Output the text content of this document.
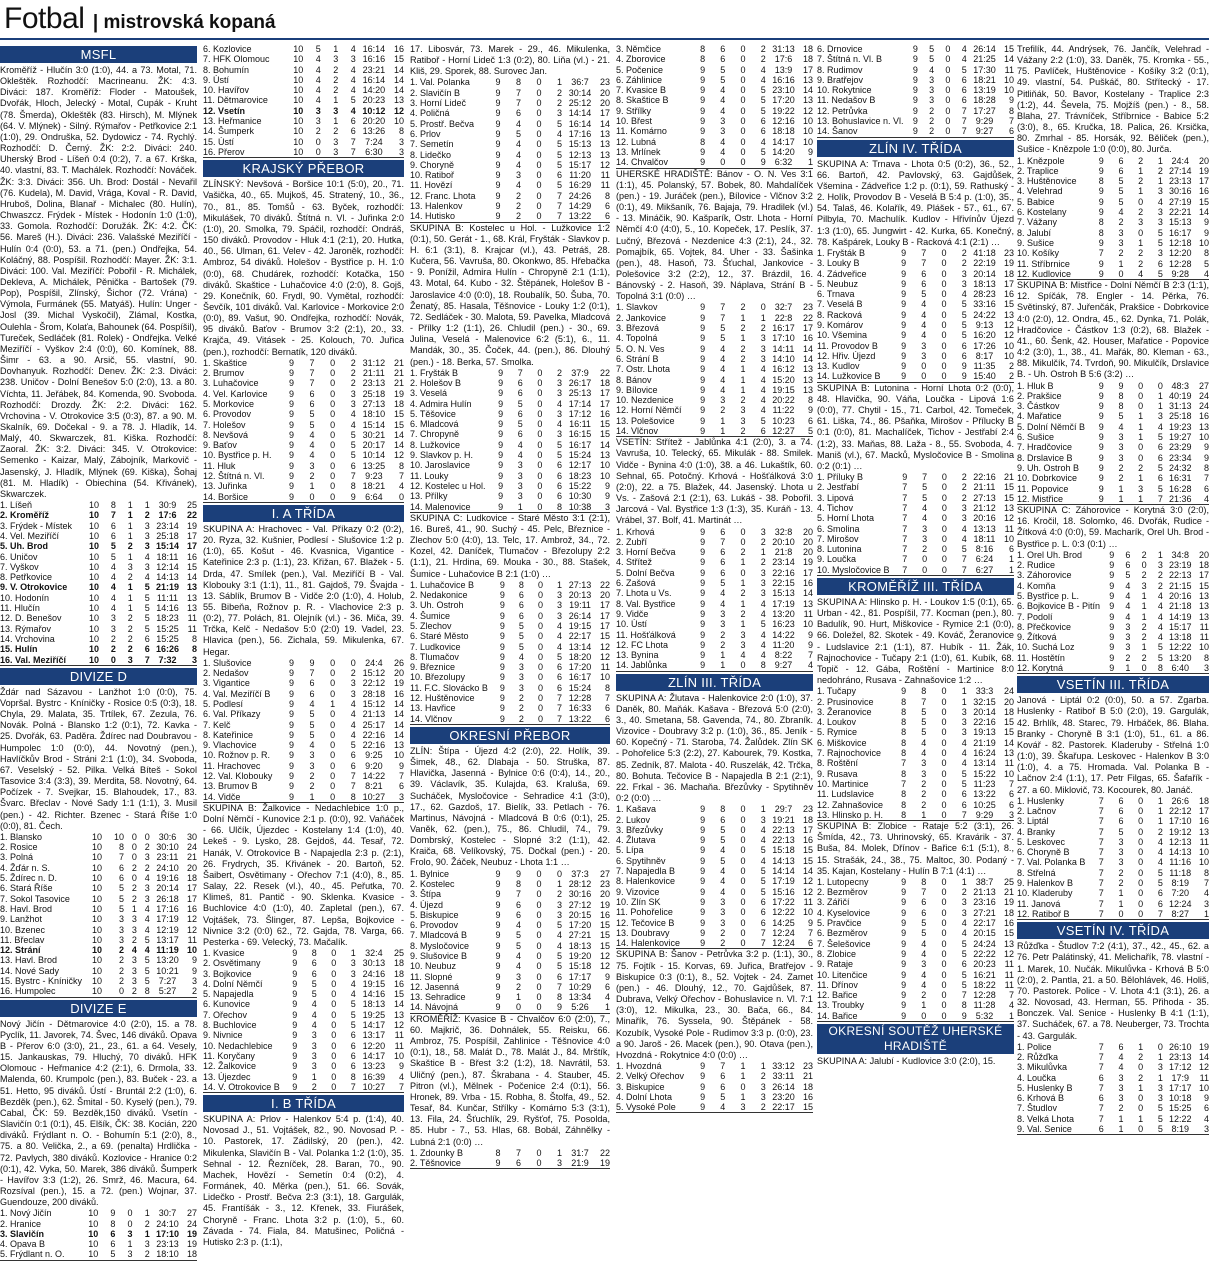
Fotbal | mistrovská kopaná
MSFL
Kroměříž - Hlučín 3:0 (1:0), 44. a 73. Motal, 71. Okleštěk. Rozhodčí: Macrineanu. ŽK: 4:3. Diváci: 187. Kroměříž: Floder - Matoušek, Dvořák, Hloch, Jelecký - Motal, Cupák - Kruht (78. Šmerda), Okleštěk (83. Hirsch), M. Mlýnek (64. V. Mlýnek) - Silný. Rýmařov - Petřkovice 2:1 (1:0), 29. Ondruška, 52. Dydowicz - 74. Rychlý. Rozhodčí: D. Černý. ŽK: 2:2. Diváci: 240. Uherský Brod - Líšeň 0:4 (0:2), 7. a 67. Krška, 40. vlastní, 83. T. Machálek. Rozhodčí: Nováček. ŽK: 3:3. Diváci: 356. Uh. Brod: Dostál - Nevařil (76. Kudela), M. David, Vrága, Koval - R. David, Hruboš, Dolina, Blanař - Michalec (80. Hulín), Chwaszcz. Frýdek - Místek - Hodonín 1:0 (1:0), 33. Gomola. Rozhodčí: Doružák. ŽK: 4:2. ČK: 56. Mareš (H.). Diváci: 236. Valašské Meziříčí - Hulín 0:4 (0:0), 53. a 71. (pen.) Ondřejka, 54. Koláčný, 88. Pospíšil. Rozhodčí: Mayer. ŽK: 3:1. Diváci: 100. Val. Meziříčí: Pobořil - R. Michálek, Dekleva, A. Michálek, Pěnička - Bartošek (79. Pop), Pospíšil, Zlínský, Šichor (72. Vrána) - Výmola, Furmánek (55. Matyáš). Hulín: Unger - Josl (39. Michal Vyskočil), Zlámal, Kostka, Oulehla - Šrom, Kolaťa, Bahounek (64. Pospíšil), Tureček, Sedláček (81. Rolek) - Ondřejka. Velké Meziříčí - Vyškov 2:4 (0:0), 60. Komínek, 88. Šimr - 63. a 90. Arsič, 55. vlastní, 90. Dovhanyuk. Rozhodčí: Denev. ŽK: 2:3. Diváci: 238. Uničov - Dolní Benešov 5:0 (2:0), 13. a 80. Víchta, 11. Jeřábek, 84. Komenda, 90. Svoboda. Rozhodčí: Drozdy. ŽK: 2:2. Diváci: 162. Vrchovina - V. Otrokovice 3:5 (0:3), 87. a 90. M. Skalník, 69. Dočekal - 9. a 78. J. Hladík, 14. Malý, 40. Skwarczek, 81. Kiška. Rozhodčí: Zaoral. ŽK: 3:2. Diváci: 345. V. Otrokovice: Semenko - Kaizar, Malý, Zábojník, Markovič - Jasenský, J. Hladík, Mlýnek (69. Kiška), Šohaj (81. M. Hladík) - Obiechina (54. Křivánek), Skwarczek.
1. Líšeň	10	8	1	1	30:9	25
2. Kroměříž	10	7	1	2	17:6	22
3. Frýdek - Místek	10	6	1	3	23:14	19
4. Vel. Meziříčí	10	6	1	3	25:18	17
5. Uh. Brod	10	5	2	3	15:14	17
6. Uničov	10	5	1	4	18:11	16
7. Vyškov	10	4	3	3	12:14	15
8. Petřkovice	10	4	2	4	14:13	14
9. V. Otrokovice	10	4	1	5	21:19	13
10. Hodonín	10	4	1	5	11:11	13
11. Hlučín	10	4	1	5	14:16	13
12. D. Benešov	10	3	2	5	18:23	11
13. Rýmařov	10	3	2	5	15:25	11
14. Vrchovina	10	2	2	6	15:25	8
15. Hulín	10	2	2	6	16:26	8
16. Val. Meziříčí	10	0	3	7	7:32	3
DIVIZE D
Ždár nad Sázavou - Lanžhot 1:0 (0:0), 75. Vopršal. Bystrc - Kníničky - Rosice 0:5 (0:3), 18. Chyla, 29. Malata, 35. Trtílek, 67. Zezula, 76. Novák. Polná - Blansko 1:2 (0:1), 72. Kavka - 25. Dvořák, 63. Paděra. Ždírec nad Doubravou - Humpolec 1:0 (0:0), 44. Novotný (pen.), Havlíčkův Brod - Stráni 2:1 (1:0), 34. Svoboda, 67. Veselský - 52. Pilka. Velká Bíteš - Sokol Tasovice 3:4 (3:3), 39. Merdita, 58. Novotný, 64. Počízek - 7. Svejkar, 15. Blahoudek, 17., 83. Švarc. Břeclav - Nové Sady 1:1 (1:1), 3. Musil (pen.) - 42. Richter. Bzenec - Stará Říše 1:0 (0:0), 81. Čech.
1. Blansko	10	10	0	0	30:6	30
2. Rosice	10	8	0	2	30:10	24
3. Polná	10	7	0	3	23:11	21
4. Žďár n. S.	10	6	2	2	24:10	20
5. Ždírec n. D.	10	6	0	4	19:16	18
6. Stará Říše	10	5	2	3	20:14	17
7. Sokol Tasovice	10	5	2	3	26:18	17
8. Havl. Brod	10	5	1	4	17:16	16
9. Lanžhot	10	3	3	4	17:19	12
10. Bzenec	10	3	3	4	12:19	12
11. Břeclav	10	3	2	5	13:17	11
12. Strání	10	2	4	4	11:19	10
13. Havl. Brod	10	2	3	5	13:20	9
14. Nové Sady	10	2	3	5	10:21	9
15. Bystrc - Kníničky	10	2	3	5	7:27	3
16. Humpolec	10	0	2	8	5:27	2
DIVIZE E
Nový Jičín - Dětmarovice 4:0 (2:0), 15. a 78. Pyclík, 11. Javorek, 74. Švec, 146 diváků. Opava B - Přerov 6:0 (3:0), 21., 23., 61. a 64. Vesely, 15. Jankauskas, 79. Hluchý, 70 diváků. HFK Olomouc - Heřmanice 4:2 (2:1), 6. Drmola, 33. Malenda, 60. Krumpolc (pen.), 83. Buček - 23. a 51. Hetto, 95 diváků. Ústí - Bruntál 2:2 (1:0), 6. Bezděk (pen.), 62. Šmital - 50. Kyselý (pen.), 79. Cabal, ČK: 59. Bezděk,150 diváků. Vsetín - Slavičín 0:1 (0:1), 45. Elšík, ČK: 38. Kocián, 220 diváků. Frýdlant n. O. - Bohumín 5:1 (2:0), 8., 75. a 80. Velička, 2., a 69. (penalta) Hrdlička - 72. Pavlych, 380 diváků. Kozlovice - Hranice 0:2 (0:1), 42. Vyka, 50. Marek, 386 diváků. Šumperk - Havířov 3:3 (1:2), 26. Smrž, 46. Macura, 64. Rozsíval (pen.), 15. a 72. (pen.) Wojnar, 37. Guendouze, 200 diváků.
1. Nový Jičín	10	9	0	1	30:7	27
2. Hranice	10	8	0	2	24:10	24
3. Slavičín	10	6	3	1	17:10	19
4. Opava B	10	6	1	3	23:13	19
5. Frýdlant n. O.	10	5	3	2	18:10	18
6. Kozlovice	10	5	1	4	16:14	16
7. HFK Olomouc	10	4	3	3	16:16	15
8. Bohumín	10	4	2	4	23:21	14
9. Ústí	10	4	2	4	16:14	14
10. Havířov	10	4	2	4	14:20	14
11. Dětmarovice	10	4	1	5	20:23	13
12. Vsetín	10	3	3	4	10:12	12
13. Heřmanice	10	3	1	6	20:20	10
14. Šumperk	10	2	2	6	13:26	8
15. Ústí	10	0	3	7	7:24	3
16. Přerov	10	0	3	7	6:30	3
KRAJSKÝ PŘEBOR
ZLÍNSKÝ: Nevšová - Boršice 10:1 (5:0), 20., 71. Vašička, 40., 65. Mujkoš, 45. Stratený, 10., 36., 70., 81., 85. Tomšů - 63. Byček, rozhodčí: Mikulášek, 70 diváků. Štítná n. Vl. - Juřinka 2:0 (1:0), 20. Smolka, 79. Spáčil, rozhodčí: Ondráš, 150 diváků. Provodov - Hluk 4:1 (2:1), 20. Hutka, 40., 56. Ulman, 61. Velev - 42. Jaroněk, rozhodčí: Ambroz, 54 diváků. Holešov - Bystřice p. H. 1:0 (0:0), 68. Chudárek, rozhodčí: Kotačka, 150 diváků. Skaštice - Luhačovice 4:0 (2:0), 8. Gojš, 29. Konečník, 60. Frydl, 90. Vymětal, rozhodčí: Ševčík, 101 diváků. Val. Karlovice - Morkovice 2:0 (0:0), 89. Vašut, 90. Ondřejka, rozhodčí: Novák, 95 diváků. Baťov - Brumov 3:2 (2:1), 20., 33. Krajča, 49. Vitásek - 25. Kolouch, 70. Juřica (pen.), rozhodčí: Bernatík, 120 diváků.
1. Skaštice	9	7	0	2	31:12	21
2. Brumov	9	7	0	2	21:11	21
3. Luhačovice	9	7	0	2	23:13	21
4. Vel. Karlovice	9	6	0	3	25:18	19
5. Morkovice	9	6	0	3	27:13	18
6. Provodov	9	5	0	4	18:10	15
7. Holešov	9	5	0	4	15:14	15
8. Nevšová	9	4	0	5	30:21	14
9. Baťov	9	4	0	5	20:17	14
10. Bystřice p. H.	9	4	0	5	10:14	12
11. Hluk	9	3	0	6	13:25	8
12. Štítná n. Vl.	9	2	0	7	9:23	7
13. Juřinka	9	1	0	8	18:21	4
14. Boršice	9	0	0	9	6:64	0
I. A TŘÍDA
SKUPINA A: Hrachovec - Val. Příkazy 0:2 (0:2), 20. Ryza, 32. Kušnier, Podlesí - Slušovice 1:2 p. (1:0), 65. Košut - 46. Kvasnica, Vigantice - Kateřinice 2:3 p. (1:1), 23. Křižan, 67. Blažek - 5. Drda, 47. Smílek (pen.), Val. Meziříčí B - Val. Klobouky 3:1 (1:1), 11., 81. Gajdoš, 79. Švajda - 13. Sáblík, Brumov B - Vidče 2:0 (1:0), 4. Holub, 55. Bibeňa, Rožnov p. R. - Vlachovice 2:3 p. (0:2), 77. Polách, 81. Olejník (vl.) - 36. Miča, 39. Trčka, Kelč - Nedašov 5:0 (2:0) 19. Vadel, 23. Hlavica (pen.), 56. Zichala, 59. Mikulenka, 67. Hegar.
1. Slušovice	9	9	0	0	24:4	26
2. Nedašov	9	7	0	2	15:12	20
3. Vigantice	9	6	0	3	22:12	19
4. Val. Meziříčí B	9	6	0	3	28:18	16
5. Podlesí	9	4	1	4	15:12	14
6. Val. Příkazy	9	5	0	4	21:13	14
7. Kelč	9	5	0	4	25:17	14
8. Kateřinice	9	5	0	4	22:16	14
9. Vlachovice	9	4	0	5	22:16	13
10. Rožnov p. R.	9	3	0	6	9:25	10
11. Hrachovec	9	3	0	6	9:20	9
12. Val. Klobouky	9	2	0	7	14:22	7
13. Brumov B	9	2	0	7	8:21	6
14. Vidče	9	1	0	8	10:27	3
SKUPINA B: Žalkovice - Nedachlebice 1:0 p., Dolní Němčí - Kunovice 2:1 p. (0:0), 92. Vaňáček - 66. Ulčík, Újezdec - Kostelany 1:4 (1:0), 40. Lekeš - 9. Lysko, 28. Gejdoš, 44. Tesař, 72. Hanák, V. Otrokovice B - Napajedla 2:3 p. (2:1), 26. Frydrych, 35. Křivánek - 20. Bartoň, 52. Šaibert, Osvětimany - Ořechov 7:1 (4:0), 8., 85. Salay, 22. Resek (vl.), 40., 45. Peřutka, 70. Klimeš, 81. Pantič - 90. Sklenka. Kvasice - Buchlovice 4:0 (1:0), 40. Zapletal (pen.), 67. Vojtášek, 73. Šlinger, 87. Lepša, Bojkovice - Nivnice 3:2 (0:0) 62., 72. Gajda, 78. Varga, 66. Pesterka - 69. Velecký, 73. Mačalík.
1. Kvasice	9	8	0	1	32:4	25
2. Osvětimany	9	6	0	3	30:13	18
3. Bojkovice	9	6	0	3	24:16	18
4. Dolní Němčí	9	5	0	4	19:15	16
5. Napajedla	9	5	0	4	14:16	15
6. Kunovice	9	4	0	5	18:13	14
7. Ořechov	9	4	0	5	19:25	13
8. Buchlovice	9	4	0	5	14:17	12
9. Nivnice	9	3	0	6	13:17	11
10. Nedachlebice	9	3	0	6	12:20	11
11. Koryčany	9	3	0	6	14:17	10
12. Žalkovice	9	3	0	6	13:23	9
13. Újezdec	9	1	0	8	16:39	4
14. V. Otrokovice B	9	2	0	7	10:27	7
I. B TŘÍDA
SKUPINA A: Prlov - Halenkov 5:4 p. (1:4), 40. Novosad J., 51. Vojtášek, 82., 90. Novosad P. - 10. Pastorek, 17. Zádilský, 20 (pen.), 42. Mikulenka, Slavičín B - Val. Polanka 1:2 (1:0), 35. Sehnal - 12. Řezníček, 28. Baran, 70., 90. Machek, Hovězí - Semetín 0:4 (0:2), 4. Formánek, 40. Měrka (pen.), 51. 66. Sovák, Lidečko - Prostř. Bečva 2:3 (3:1), 18. Gargulák, 45. Frantíšák - 3., 12. Křenek, 33. Fiurášek, Choryně - Franc. Lhota 3:2 p. (1:0), 5., 60. Závada - 74. Fiala, 84. Matušinec, Poličná - Hutisko 2:3 p. (1:1),
17. Libosvár, 73. Marek - 29., 46. Mikulenka, Ratiboř - Horní Lideč 1:3 (0:2), 80. Liňa (vl.) - 21. Kliš, 29. Sporek, 88. Surovec Jan.
1. Val. Polanka	9	8	0	1	36:7	23
2. Slavičín B	9	7	0	2	30:14	20
3. Horní Lideč	9	7	0	2	25:12	20
4. Poličná	9	6	0	3	14:14	17
5. Prostř. Bečva	9	4	0	5	16:14	14
6. Prlov	9	5	0	4	17:16	13
7. Semetín	9	4	0	5	15:13	13
8. Lidečko	9	4	0	5	12:13	13
9. Choryně	9	4	0	5	15:17	12
10. Ratiboř	9	3	0	6	11:20	11
11. Hovězí	9	4	0	5	16:29	11
12. Franc. Lhota	9	2	0	7	24:26	8
13. Halenkov	9	2	0	7	14:29	6
14. Hutisko	9	2	0	7	13:22	6
SKUPINA B: Kostelec u Hol. - Lužkovice 1:2 (0:1), 50. Gerát - 1., 68. Král, Fryšták - Slavkov p. H. 6:1 (3:1), 8. Krajcar (vl.), 43. Petráš, 28. Kučera, 56. Vavruša, 80. Okonkwo, 85. Hřebačka - 9. Ponížil, Admira Hulín - Chropyně 2:1 (1:1), 43. Motal, 64. Kubo - 32. Štěpánek, Holešov B - Jaroslavice 4:0 (0:0), 18. Roubalík, 50. Šuba, 70. Ženatý, 85. Hasala, Těšnovice - Louky 1:2 (0:1), 72. Sedláček - 30. Malota, 59. Pavelka, Mladcová - Přílky 1:2 (1:1), 26. Chludil (pen.) - 30., 69. Julina, Veselá - Malenovice 6:2 (5:1), 6., 11. Mandák, 30., 35. Čoček, 44. (pen.), 86. Dlouhý (pen.) - 18. Berka, 57. Smolka.
1. Fryšták B	9	7	0	2	37:9	22
2. Holešov B	9	6	0	3	26:17	18
3. Veselá	9	6	0	3	25:13	17
4. Admira Hulín	9	5	0	4	17:14	17
5. Těšovice	9	6	0	3	17:12	16
6. Mladcová	9	5	0	4	16:11	15
7. Chropyně	9	6	0	3	16:15	15
8. Lužkovice	9	4	0	5	16:17	14
9. Slavkov p. H.	9	4	0	5	15:24	13
10. Jaroslavice	9	3	0	6	12:17	10
11. Louky	9	3	0	6	18:23	10
12. Kostelec u Hol.	9	3	0	6	15:22	9
13. Přílky	9	3	0	6	10:30	9
14. Malenovice	9	1	0	8	10:38	3
SKUPINA C: Ludkovice - Staré Město 3:1 (2:1), 16. Bureš, 41., 90. Suchý - 45. Pelc, Březnice - Zlechov 5:0 (4:0), 13. Telc, 17. Ambrož, 34., 72. Kozel, 42. Daníček, Tlumačov - Březolupy 2:2 (1:1), 21. Hrdina, 69. Mouka - 30., 88. Stašek, Šumice - Luhačovice B 2:1 (1:0) …
1. Luhačovice B	9	8	0	1	27:13	22
2. Nedakonice	9	6	0	3	20:13	20
3. Uh. Ostroh	9	6	0	3	19:11	17
4. Šumice	9	6	0	3	26:14	17
5. Zlechov	9	5	0	4	19:15	17
6. Staré Město	9	5	0	4	22:17	15
7. Ludkovice	9	5	0	4	13:14	12
8. Tlumačov	9	4	0	5	18:20	12
9. Březnice	9	3	0	6	17:20	11
10. Březolupy	9	3	0	6	16:17	10
11. F.C. Slovácko B	9	3	0	6	15:24	8
12. Huštěnovice	9	2	0	7	12:28	7
13. Havřice	9	2	0	7	16:33	6
14. Vlčnov	9	2	0	7	13:22	6
OKRESNÍ PŘEBOR
ZLÍN: Štípa - Újezd 4:2 (2:0), 22. Holík, 39. Šimek, 48., 62. Dlabaja - 50. Struška, 87. Hlavička, Jasenná - Bylnice 0:6 (0:4), 14., 20., 39. Václavík, 35. Kulajda, 63. Kraluša, 69. Sucháček, Mysločovice - Sehradice 4:1 (3:0), 17., 62. Gazdoš, 17. Bielík, 33. Petlach - 76. Martinus, Návojná - Mladcová B 0:6 (0:1), 25. Vaněk, 62. (pen.), 75., 86. Chludil, 74., 79. Dombrský, Kostelec - Slopné 3:2 (1:1), 42. Kraiča, 68. Velíkovský, 75. Dočkal (pen.) - 20. Frolo, 90. Žáček, Neubuz - Lhota 1:1 …
1. Bylnice	9	9	0	0	37:3	27
2. Kostelec	9	8	0	1	28:12	23
3. Štípa	9	7	0	2	30:16	20
4. Újezd	9	6	0	3	27:12	19
5. Biskupice	9	6	0	3	20:15	16
6. Provodov	9	4	0	5	17:20	15
7. Mladcová B	9	5	0	4	27:21	15
8. Mysločovice	9	5	0	4	18:13	15
9. Slušovice B	9	4	0	5	19:20	12
10. Neubuz	9	4	0	5	15:18	12
11. Slopné	9	3	0	6	17:17	9
12. Jasenná	9	2	0	7	10:29	6
13. Sehradice	9	1	0	8	13:34	4
14. Návojná	9	0	0	9	5:26	1
KROMĚŘÍŽ: Kvasice B - Chvalčov 6:0 (2:0), 7., 60. Majkrič, 36. Dohnálek, 55. Reisku, 66. Ambroz, 75. Pospíšil, Zahlinice - Těšnovice 4:0 (0:1), 18., 58. Malát D., 78. Malát J., 84. Mrštík, Skaštice B - Břest 3:2 (1:2), 18. Navrátil, 53. Uličný (pen.), 87. Škrabana - 4. Stauber, 45. Pitron (vl.), Mělnek - Počenice 2:4 (0:1), 56. Hronek, 89. Vrba - 15. Robha, 8. Štolfa, 49., 52. Tesař, 84. Kunčar, Střílky - Komárno 5:3 (3:1), 13. Fila, 24. Šťuchlík, 29. Ryšťof, 75. Posolda, 85. Hubr - 7., 53. Hlas, 68. Bobál, Záhnělky - Lubná 2:1 (0:0) …
1. Zdounky B	8	7	0	1	31:7	22
2. Těšnovice	9	6	0	3	21:9	19
3. Němčice	8	6	0	2	31:13	18
4. Zborovice	8	6	0	2	17:6	18
5. Počenice	9	5	0	4	13:9	17
6. Záhlinice	9	5	0	4	16:16	13
7. Kvasice B	9	4	0	5	23:10	14
8. Skaštice B	9	4	0	5	17:20	13
9. Střílky	9	4	0	5	19:22	12
10. Břest	9	3	0	6	12:16	10
11. Komárno	9	3	0	6	18:18	10
12. Lubná	8	4	0	4	14:17	10
13. Mrlínek	9	4	0	5	14:20	9
14. Chvalčov	9	0	0	9	6:32	1
UHERSKÉ HRADIŠTĚ: Bánov - O. N. Ves 3:1 (1:1), 45. Polanský, 57. Bobek, 80. Mahdalíček (pen.) - 19. Juráček (pen.), Bílovice - Vlčnov 3:2 (0:1), 49. Mikšaník, 76. Bajaja, 79. Hradilek (vl.) - 13. Mináčik, 90. Kašparík, Ostr. Lhota - Horní Němčí 4:0 (4:0), 5., 10. Kopeček, 17. Peslík, 37. Lučný, Březová - Nezdenice 4:3 (2:1), 24., 32. Pomajbík, 65. Vojtek, 84. Uher - 33. Šašinka (pen.), 48. Hasoň, 73. Šťuchal, Jankovice - Polešovice 3:2 (2:2), 12., 37. Brázdil, 16. Bánovský - 2. Hasoň, 39. Náplava, Strání B - Topolná 3:1 (0:0) …
1. Slavkov	9	7	2	0	32:7	23
2. Jankovice	9	7	1	1	22:8	22
3. Březová	9	5	2	2	16:17	17
4. Topolná	9	5	1	3	17:10	16
5. O. N. Ves	9	4	2	3	14:11	14
6. Strání B	9	4	2	3	14:10	14
7. Ostr. Lhota	9	4	1	4	16:12	13
8. Bánov	9	4	1	4	15:20	13
9. Bílovice	9	4	1	4	19:15	13
10. Nezdenice	9	3	2	4	20:22	8
12. Horní Němčí	9	2	3	4	11:22	9
13. Polešovice	9	1	3	5	10:23	6
14. Vlčnov	9	1	2	6	12:27	5
VSETÍN: Střítež - Jablůnka 4:1 (2:0), 3. a 74. Vavruša, 10. Telecký, 65. Mikulák - 88. Smilek. Vidče - Bynina 4:0 (1:0), 38. a 46. Lukaštík, 60. Sehnal, 65. Potočný. Krhová - Hošťálková 3:0 (2:0), 22. a 75. Blažek, 44. Jasenský. Lhota u Vs. - Zašová 2:1 (2:1), 63. Lukáš - 38. Pobořil. Jarcová - Val. Bystřice 1:3 (1:3), 35. Kuráň - 13. Vrábel, 37. Bolf, 41. Martinát …
1. Krhová	9	6	0	3	32:8	20
2. Zubří	9	7	0	2	20:10	20
3. Horní Bečva	9	6	2	1	21:8	20
4. Střítež	9	6	1	2	23:14	19
5. Dolní Bečva	9	6	0	3	22:16	17
6. Zašová	9	5	1	3	22:15	16
7. Lhota u Vs.	9	4	2	3	15:13	14
8. Val. Bystřice	9	4	1	4	17:19	13
9. Vidče	9	3	2	4	13:20	11
10. Ústí	9	3	1	5	16:23	10
11. Hošťálková	9	2	3	4	14:22	9
12. FC Lhota	9	2	3	4	11:20	9
13. Bynina	9	1	4	4	8:22	7
14. Jablůnka	9	1	0	8	9:27	4
ZLÍN III. TŘÍDA
SKUPINA A: Žlutava - Halenkovice 2:0 (1:0), 37. Daněk, 80. Maňák. Kašava - Březová 5:0 (2:0), 3., 40. Smetana, 58. Gavenda, 74., 80. Zbraník. Vizovice - Doubravy 3:2 p. (1:0), 36., 85. Jeník - 60. Kopečný - 71. Staroba, 74. Žalůdek. Zlín SK - Pohořelice 5:3 (2:2), 27. Kabourek, 79. Kostka, 85. Zedník, 87. Malota - 40. Ruszelák, 42. Trčka, 80. Bohuta. Tečovice B - Napajedla B 2:1 (2:1), 22. Frkal - 36. Machaňa. Březůvky - Spytihněv 0:2 (0:0) …
1. Kašava	9	8	0	1	29:7	23
2. Lukov	9	6	0	3	19:21	18
3. Březůvky	9	5	0	4	22:13	17
4. Žlutava	9	5	0	4	22:13	16
5. Lípa	9	4	0	5	15:18	15
6. Spytihněv	9	5	0	4	14:13	15
7. Napajedla B	9	4	0	5	14:14	14
8. Halenkovice	9	4	0	5	17:19	12
9. Vizovice	9	4	0	5	15:16	12
10. Zlín SK	9	3	0	6	17:22	11
11. Pohořelice	9	3	0	6	12:22	10
12. Tečovice B	9	3	0	6	14:25	9
13. Doubravy	9	2	0	7	12:24	7
14. Halenkovice	9	2	0	7	12:24	6
SKUPINA B: Šanov - Petrůvka 3:2 p. (1:1), 30., 75. Fojtík - 15. Korvas, 69. Juřica, Bratřejov - Biskupice 0:3 (0:1), 8., 52. Vojtek - 24. Zamet (pen.) - 46. Dlouhý, 12., 70. Gajdůšek, 87. Dubrava, Velký Ořechov - Bohuslavice n. Vl. 7:1 (3:0), 12. Mikulka, 23., 30. Bača, 66., 84. Minařík, 76. Syssela, 90. Štěpánek - 58. Kozubík, Vysoké Pole - Rudimov 3:3 p. (0:0), 23. a 90. Jaroš - 26. Macek (pen.), 90. Otava (pen.), Hvozdná - Rokytnice 4:0 (0:0) …
1. Hvozdná	9	7	1	1	33:12	23
2. Velký Ořechov	9	6	1	2	33:11	21
3. Biskupice	9	6	0	3	26:14	18
4. Dolní Lhota	9	5	1	3	23:20	16
5. Vysoké Pole	9	4	3	2	22:17	15
6. Drnovice	9	5	0	4	26:14	15
7. Štítná n. Vl. B	9	5	0	4	21:25	14
8. Rudimov	9	4	0	5	17:30	11
9. Bratřejov	9	3	0	6	18:21	10
10. Rokytnice	9	3	0	6	13:19	10
11. Nedašov B	9	3	0	6	18:28	9
12. Petrůvka	9	2	0	7	17:27	8
13. Bohuslavice n. Vl.	9	2	0	7	9:29	7
14. Šanov	9	2	0	7	9:27	6
ZLÍN IV. TŘÍDA
SKUPINA A: Trnava - Lhota 0:5 (0:2), 36., 52., 66. Bartoň, 42. Pavlovský, 63. Gajdůšek, Všemina - Zádveřice 1:2 p. (0:1), 59. Rathuský - 2. Holík, Provodov B - Veselá B 5:4 p. (1:0), 35., 54. Talaš, 46. Kolařík, 49. Plášek - 57., 61., 67. Pilbyla, 70. Machulík. Kudlov - Hřivínův Újezd 1:3 (1:0), 65. Jungwirt - 42. Kurka, 65. Konečný, 78. Kašpárek, Louky B - Racková 4:1 (2:1) …
1. Fryšták B	9	7	0	2	41:18	23
3. Louky B	9	7	0	2	22:19	19
4. Zádveřice	9	6	0	3	20:14	18
5. Neubuz	9	6	0	3	18:13	17
6. Trnava	9	5	0	4	28:23	16
7. Veselá B	9	4	0	5	33:16	15
8. Racková	9	4	0	5	24:22	13
9. Komárov	9	4	0	5	9:13	12
10. Všemina	9	4	0	5	16:20	12
11. Provodov B	9	3	0	6	17:26	10
12. Hřiv. Újezd	9	3	0	6	8:17	10
13. Kudlov	9	0	0	9	11:35	2
14. Lužkovice B	9	0	0	9	15:40	2
SKUPINA B: Lutonina - Horní Lhota 0:2 (0:0), 48. Hlavička, 90. Váňa, Loučka - Lipová 1:6 (0:0), 77. Chytil - 15., 71. Carbol, 42. Tomeček, 61. Liška, 74., 86. Pšaňka, Mirošov - Přílucky B 0:1 (0:0), 81. Machalíček, Tichov - Jestřabí 2:4 (1:2), 33. Maňas, 88. Laža - 8., 55. Svoboda, 4. Maniš (vl.), 67. Macků, Mysločovice B - Smolina 0:2 (0:1) …
1. Příluky B	9	7	0	2	22:16	21
2. Jestřabí	7	5	0	2	21:11	15
3. Lipová	7	5	0	2	27:13	15
4. Tichov	7	4	0	3	21:12	13
5. Horní Lhota	7	4	0	3	20:16	12
6. Smolina	7	3	0	4	13:13	11
7. Mirošov	7	3	0	4	18:11	10
8. Lutonina	7	2	0	5	8:16	6
9. Loučka	7	0	0	7	6:24	1
10. Mysločovice B	7	0	0	7	6:27	1
KROMĚŘÍŽ III. TŘÍDA
SKUPINA A: Hlinsko p. H. - Loukov 1:5 (0:1), 65. Urban - 42., 81. Pospíšil, 77. Kocman (pen.), 80. Badulík, 90. Hurt, Miškovice - Rymice 2:1 (0:0), 66. Doležel, 82. Skotek - 49. Kováč, Žeranovice - Ludslavice 2:1 (1:1), 87. Hubík - 11. Žák, Rajnochovice - Tučapy 2:1 (1:0), 61. Kubík, 68. Topič - 12. Gába, Roštění - Martinice 8:0 nedohráno, Rusava - Zahnašovice 1:2 …
1. Tučapy	9	8	0	1	33:3	24
2. Prusinovice	8	7	0	1	32:15	20
3. Žeranovice	8	5	0	3	20:14	18
4. Loukov	8	5	0	3	22:16	15
5. Rymice	8	5	0	3	19:13	15
6. Miškovice	8	4	0	4	21:19	14
7. Rajnochovice	8	4	0	4	16:24	13
8. Roštění	7	3	0	4	13:14	11
9. Rusava	8	3	0	5	15:22	10
10. Martinice	7	2	0	5	11:23	7
11. Ludslavice	8	2	0	6	13:22	6
12. Zahnašovice	8	2	0	6	10:25	6
13. Hlinsko p. H.	8	1	0	7	9:29	3
SKUPINA B: Zlobice - Rataje 5:2 (3:1), 26. Šmída, 42., 73. Uhrinovský, 65. Kravárik - 37. Buša, 84. Molek, Dřínov - Bařice 6:1 (5:1), 8., 15. Strašák, 24., 38., 75. Maltoc, 30. Podaný - 35. Kajan, Kostelany - Hulín B 7:1 (4:1) …
1. Lutopecny	9	8	0	1	38:7	25
2. Bezměrov	9	7	0	2	21:13	21
3. Zářičí	9	6	0	3	23:16	19
4. Kyselovice	9	6	0	3	27:21	18
5. Pravčice	9	5	0	4	22:17	16
6. Bezměrov	9	5	0	4	20:15	15
7. Šelešovice	9	4	0	5	24:24	13
8. Zlobice	9	4	0	5	22:22	12
9. Rataje	9	3	0	6	20:23	11
10. Litenčice	9	4	0	5	16:21	11
11. Dřínov	9	4	0	5	18:22	11
12. Bařice	9	2	0	7	12:28	7
13. Troubky	9	1	0	8	11:28	4
14. Bařice	9	0	0	9	5:32	1
OKRESNÍ SOUTĚŽ UHERSKÉ HRADIŠTĚ
SKUPINA A: Jalubí - Kudlovice 3:0 (2:0), 15.
Trefilík, 44. Andrýsek, 76. Jančík, Velehrad - Vážany 2:2 (1:0), 33. Daněk, 75. Kromka - 55., 75. Pavlíček, Huštěnovice - Košíky 3:2 (0:1), 49. vlastní, 54. Puškáč, 80. Střítecký - 17. Pitliňák, 50. Bavor, Kostelany - Traplice 2:3 (1:2), 44. Ševela, 75. Mojžíš (pen.) - 8., 58. Blaha, 27. Trávníček, Stříbrnice - Babice 5:2 (3:0), 8., 65. Kručka, 18. Palica, 26. Krsička, 80. Zmrhal - 85. Horsák, 92. Běliček (pen.), Sušice - Knězpole 1:0 (0:0), 80. Jurča.
1. Knězpole	9	6	2	1	24:4	20
2. Traplice	9	6	1	2	27:14	19
3. Huštěnovice	8	5	2	1	23:13	17
4. Velehrad	9	5	1	3	30:16	16
5. Babice	9	5	0	4	27:19	15
6. Kostelany	9	4	2	3	22:21	14
7. Vážany	8	2	3	3	15:13	9
8. Jalubí	8	3	0	5	16:17	9
9. Sušice	9	3	1	5	12:18	10
10. Košíky	7	2	2	3	12:20	8
11. Stříbrnice	9	1	2	6	12:28	5
12. Kudlovice	9	0	4	5	9:28	4
SKUPINA B: Mistřice - Dolní Němčí B 2:3 (1:1), 12. Spíčák, 78. Engler - 14. Pěrka, 76. Světinský, 87. Juřenčák, Prakšice - Dobrkovice 4:0 (2:0), 12. Ondra, 45., 62. Dynka, 71. Polák, Hradčovice - Částkov 1:3 (0:2), 68. Blažek - 41., 60. Šenk, 42. Houser, Mařatice - Popovice 4:2 (3:0), 1., 38., 41. Mařák, 80. Kleman - 63., 88. Mikulčík, 74. Tvrdoň, 90. Mikulčík, Drslavice B. - Uh. Ostroh B 5:6 (3:2) …
1. Hluk B	9	9	0	0	48:3	27
2. Prakšice	9	8	0	1	40:19	24
3. Částkov	9	8	0	1	31:13	24
4. Mařatice	9	5	1	3	25:18	16
5. Dolní Němčí B	9	4	1	4	19:23	13
6. Sušice	9	3	1	5	19:27	10
7. Hradčovice	9	3	0	6	23:29	9
8. Drslavice B	9	3	0	6	23:34	9
9. Uh. Ostroh B	9	2	2	5	24:32	8
10. Dobrkovice	9	2	1	6	16:31	7
11. Popovice	9	1	3	5	16:28	6
12. Mistřice	9	1	1	7	21:36	4
SKUPINA C: Záhorovice - Korytná 3:0 (2:0), 16. Kročil, 18. Solomko, 46. Dvořák, Rudice - Žítková 4:0 (0:0), 59. Macharík, Orel Uh. Brod - Bystřice p. L. 0:3 (0:1) …
1. Orel Uh. Brod	9	6	2	1	34:8	20
2. Rudice	9	6	0	3	23:19	18
3. Záhorovice	9	5	2	2	22:13	17
4. Komňa	9	4	3	2	21:15	15
5. Bystřice p. L.	9	4	1	4	20:16	13
6. Bojkovice B - Pitín	9	4	1	4	21:18	13
7. Podolí	9	4	1	4	14:19	13
8. Přečkovice	9	3	2	4	15:17	11
9. Žítková	9	3	2	4	13:18	11
10. Suchá Loz	9	3	1	5	12:22	10
11. Hostětín	9	2	2	5	13:20	8
12. Korytná	9	1	0	8	6:40	3
VSETÍN III. TŘÍDA
Janová - Liptál 0:2 (0:0), 50. a 57. Zgarba. Huslenky - Ratiboř B 5:0 (2:0), 19. Gargulák, 42. Brhlík, 48. Starec, 79. Hrbáček, 86. Blaha. Branky - Choryně B 3:1 (1:0), 51., 61. a 86. Kovář - 82. Pastorek. Kladeruby - Střelná 1:0 (1:0), 39. Škařupa. Leskovec - Halenkov B 3:0 (1:0), 4. a 75. Hromada. Val. Polanka B - Lačnov 2:4 (1:1), 17. Petr Filgas, 65. Šafařík - 27. a 60. Miklovič, 73. Kocourek, 80. Janáč.
1. Huslenky	7	6	0	1	26:6	18
2. Lačnov	7	6	0	1	22:12	17
3. Liptál	7	6	0	1	17:10	16
4. Branky	7	5	0	2	19:12	13
5. Leskovec	7	3	0	4	12:13	11
6. Choryně B	7	3	0	4	14:13	10
7. Val. Polanka B	7	3	0	4	11:16	10
8. Střelná	7	2	0	5	11:18	8
9. Halenkov B	7	2	0	5	8:19	7
10. Kladeruby	7	1	0	6	7:20	4
11. Janová	7	1	0	6	12:24	3
12. Ratiboř B	7	0	0	7	8:27	1
VSETÍN IV. TŘÍDA
Růžďka - Študlov 7:2 (4:1), 37., 42., 45., 62. a 76. Petr Palátinský, 41. Melichařík, 78. vlastní - 1. Marek, 10. Nučák. Mikulůvka - Krhová B 5:0 (2:0), 2. Pantla, 21. a 50. Bělohlávek, 46. Holiš, 70. Pastorek. Police - V. Lhota 4:1 (3:1), 26. a 32. Novosad, 43. Herman, 55. Přihoda - 35. Bonczek. Val. Senice - Huslenky B 4:1 (1:1), 37. Sucháček, 67. a 78. Neuberger, 73. Trochta - 43. Gargulák.
1. Police	7	6	1	0	26:10	19
2. Růžďka	7	4	2	1	23:13	14
3. Mikulůvka	7	4	0	3	17:12	12
4. Loučka	6	3	2	1	17:9	11
5. Huslenky B	7	3	1	3	17:17	10
6. Krhová B	6	3	0	3	10:18	9
7. Študlov	7	2	0	5	15:25	6
8. Velká Lhota	7	1	1	5	12:22	4
9. Val. Senice	6	1	0	5	8:19	3
